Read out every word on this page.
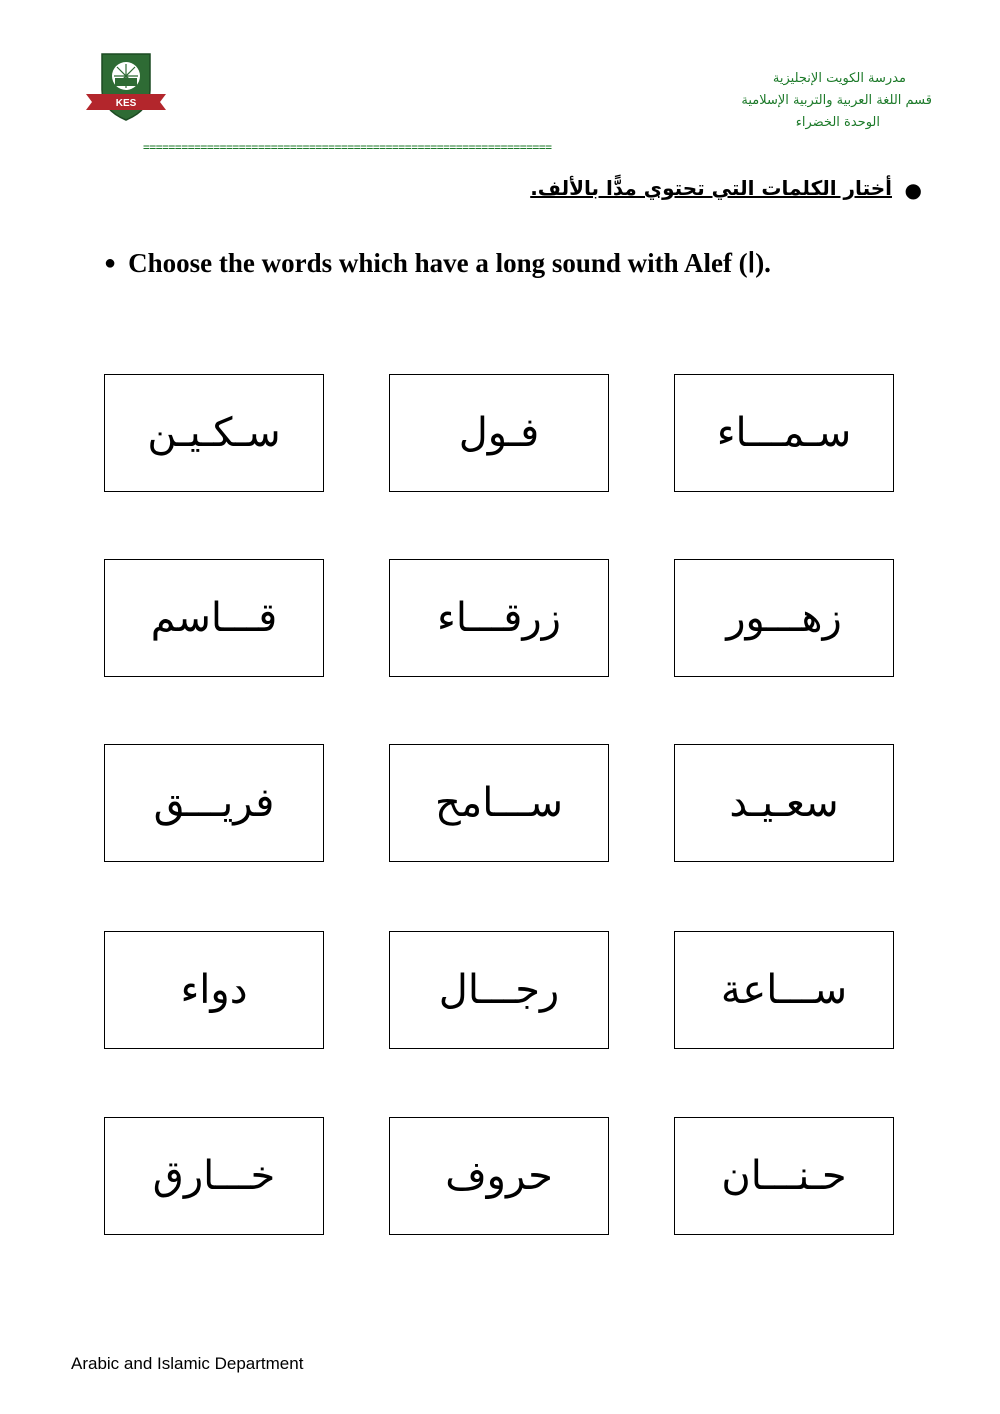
KES
مدرسة الكويت الإنجليزية
قسم اللغة العربية والتربية الإسلامية
الوحدة الخضراء
================================================================
●
أختار الكلمات التي تحتوي مدًّا بالألف.
● Choose the words which have a long sound with Alef (ا).
سـكـيـن	فـول	سـمـــاء
قـــاسم	زرقـــاء	زهـــور
فريـــق	ســـامح	سعـيـد
دواء	رجـــال	ســـاعة
خـــارق	حروف	حـنـــان
Arabic and Islamic Department
